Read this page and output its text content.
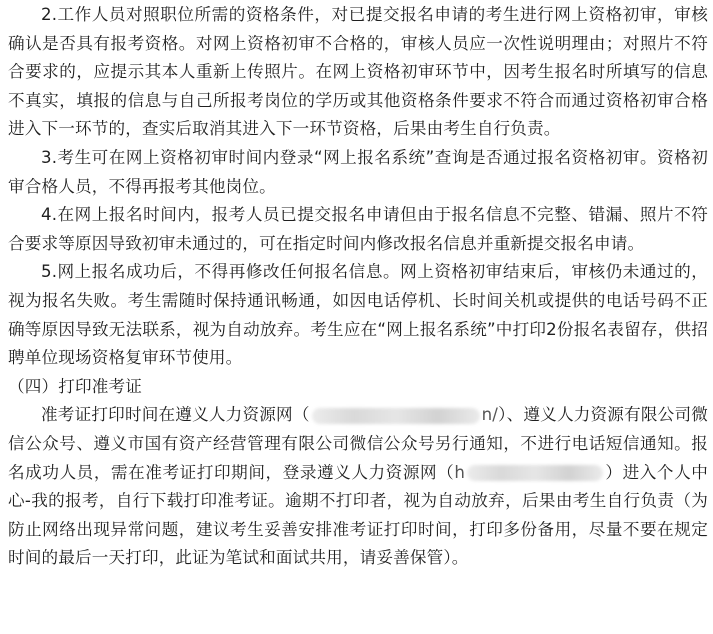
2.工作人员对照职位所需的资格条件，对已提交报名申请的考生进行网上资格初审，审核确认是否具有报考资格。对网上资格初审不合格的，审核人员应一次性说明理由；对照片不符合要求的，应提示其本人重新上传照片。在网上资格初审环节中，因考生报名时所填写的信息不真实，填报的信息与自己所报考岗位的学历或其他资格条件要求不符合而通过资格初审合格进入下一环节的，查实后取消其进入下一环节资格，后果由考生自行负责。

3.考生可在网上资格初审时间内登录“网上报名系统”查询是否通过报名资格初审。资格初审合格人员，不得再报考其他岗位。

4.在网上报名时间内，报考人员已提交报名申请但由于报名信息不完整、错漏、照片不符合要求等原因导致初审未通过的，可在指定时间内修改报名信息并重新提交报名申请。

5.网上报名成功后，不得再修改任何报名信息。网上资格初审结束后，审核仍未通过的，视为报名失败。考生需随时保持通讯畅通，如因电话停机、长时间关机或提供的电话号码不正确等原因导致无法联系，视为自动放弃。考生应在“网上报名系统”中打印2份报名表留存，供招聘单位现场资格复审环节使用。

（四）打印准考证

准考证打印时间在遵义人力资源网（	n/）、遵义人力资源有限公司微信公众号、遵义市国有资产经营管理有限公司微信公众号另行通知，不进行电话短信通知。报名成功人员，需在准考证打印期间，登录遵义人力资源网（h	）进入个人中心-我的报考，自行下载打印准考证。逾期不打印者，视为自动放弃，后果由考生自行负责（为防止网络出现异常问题，建议考生妥善安排准考证打印时间，打印多份备用，尽量不要在规定时间的最后一天打印，此证为笔试和面试共用，请妥善保管）。
